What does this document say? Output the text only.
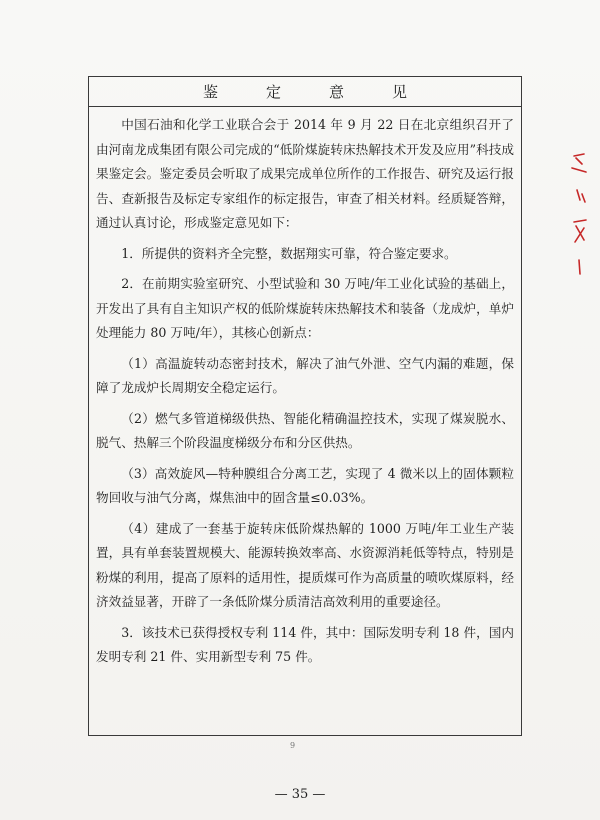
鉴	定	意	见

中国石油和化学工业联合会于 2014 年 9 月 22 日在北京组织召开了由河南龙成集团有限公司完成的“低阶煤旋转床热解技术开发及应用”科技成果鉴定会。鉴定委员会听取了成果完成单位所作的工作报告、研究及运行报告、查新报告及标定专家组作的标定报告，审查了相关材料。经质疑答辩，通过认真讨论，形成鉴定意见如下：

1．所提供的资料齐全完整，数据翔实可靠，符合鉴定要求。

2．在前期实验室研究、小型试验和 30 万吨/年工业化试验的基础上，开发出了具有自主知识产权的低阶煤旋转床热解技术和装备（龙成炉，单炉处理能力 80 万吨/年），其核心创新点：

（1）高温旋转动态密封技术，解决了油气外泄、空气内漏的难题，保障了龙成炉长周期安全稳定运行。

（2）燃气多管道梯级供热、智能化精确温控技术，实现了煤炭脱水、脱气、热解三个阶段温度梯级分布和分区供热。

（3）高效旋风—特种膜组合分离工艺，实现了 4 微米以上的固体颗粒物回收与油气分离，煤焦油中的固含量≤0.03%。

（4）建成了一套基于旋转床低阶煤热解的 1000 万吨/年工业生产装置，具有单套装置规模大、能源转换效率高、水资源消耗低等特点，特别是粉煤的利用，提高了原料的适用性，提质煤可作为高质量的喷吹煤原料，经济效益显著，开辟了一条低阶煤分质清洁高效利用的重要途径。

3．该技术已获得授权专利 114 件，其中：国际发明专利 18 件，国内发明专利 21 件、实用新型专利 75 件。

9
— 35 —
